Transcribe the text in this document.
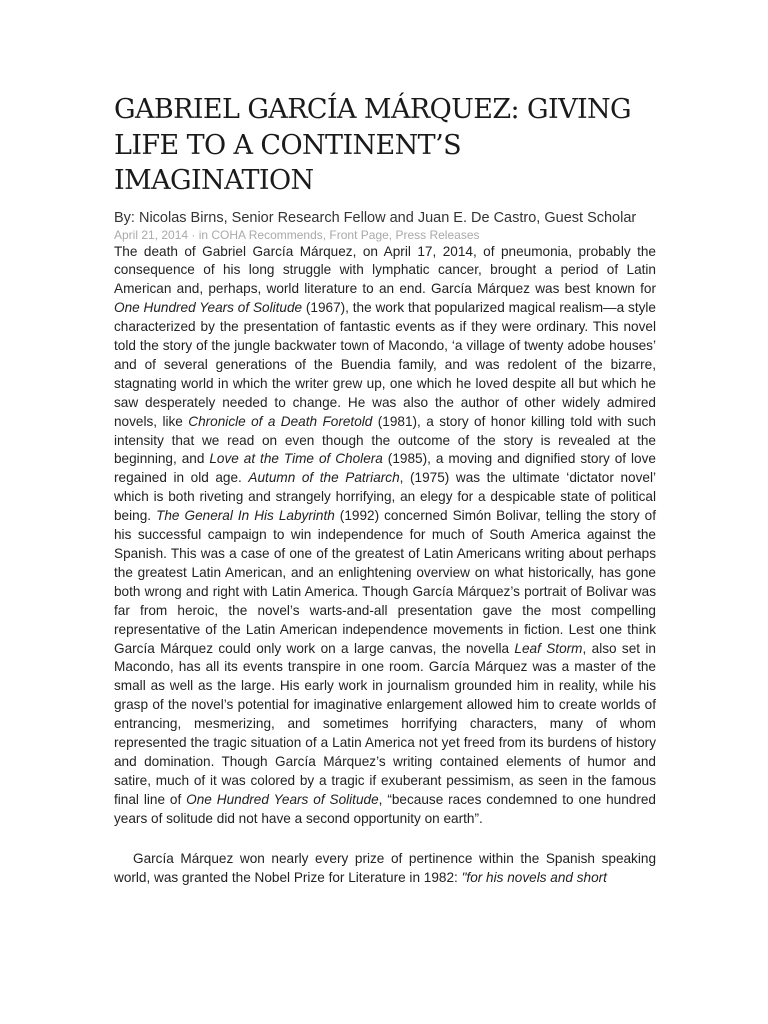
GABRIEL GARCÍA MÁRQUEZ: GIVING LIFE TO A CONTINENT’S IMAGINATION

By: Nicolas Birns, Senior Research Fellow and Juan E. De Castro, Guest Scholar

April 21, 2014 · in COHA Recommends, Front Page, Press Releases

The death of Gabriel García Márquez, on April 17, 2014, of pneumonia, probably the consequence of his long struggle with lymphatic cancer, brought a period of Latin American and, perhaps, world literature to an end. García Márquez was best known for One Hundred Years of Solitude (1967), the work that popularized magical realism—a style characterized by the presentation of fantastic events as if they were ordinary. This novel told the story of the jungle backwater town of Macondo, ‘a village of twenty adobe houses’ and of several generations of the Buendia family, and was redolent of the bizarre, stagnating world in which the writer grew up, one which he loved despite all but which he saw desperately needed to change. He was also the author of other widely admired novels, like Chronicle of a Death Foretold (1981), a story of honor killing told with such intensity that we read on even though the outcome of the story is revealed at the beginning, and Love at the Time of Cholera (1985), a moving and dignified story of love regained in old age. Autumn of the Patriarch, (1975) was the ultimate ‘dictator novel’ which is both riveting and strangely horrifying, an elegy for a despicable state of political being. The General In His Labyrinth (1992) concerned Simón Bolivar, telling the story of his successful campaign to win independence for much of South America against the Spanish. This was a case of one of the greatest of Latin Americans writing about perhaps the greatest Latin American, and an enlightening overview on what historically, has gone both wrong and right with Latin America. Though García Márquez’s portrait of Bolivar was far from heroic, the novel’s warts-and-all presentation gave the most compelling representative of the Latin American independence movements in fiction. Lest one think García Márquez could only work on a large canvas, the novella Leaf Storm, also set in Macondo, has all its events transpire in one room. García Márquez was a master of the small as well as the large. His early work in journalism grounded him in reality, while his grasp of the novel’s potential for imaginative enlargement allowed him to create worlds of entrancing, mesmerizing, and sometimes horrifying characters, many of whom represented the tragic situation of a Latin America not yet freed from its burdens of history and domination. Though García Márquez’s writing contained elements of humor and satire, much of it was colored by a tragic if exuberant pessimism, as seen in the famous final line of One Hundred Years of Solitude, “because races condemned to one hundred years of solitude did not have a second opportunity on earth”.

García Márquez won nearly every prize of pertinence within the Spanish speaking world, was granted the Nobel Prize for Literature in 1982: "for his novels and short
